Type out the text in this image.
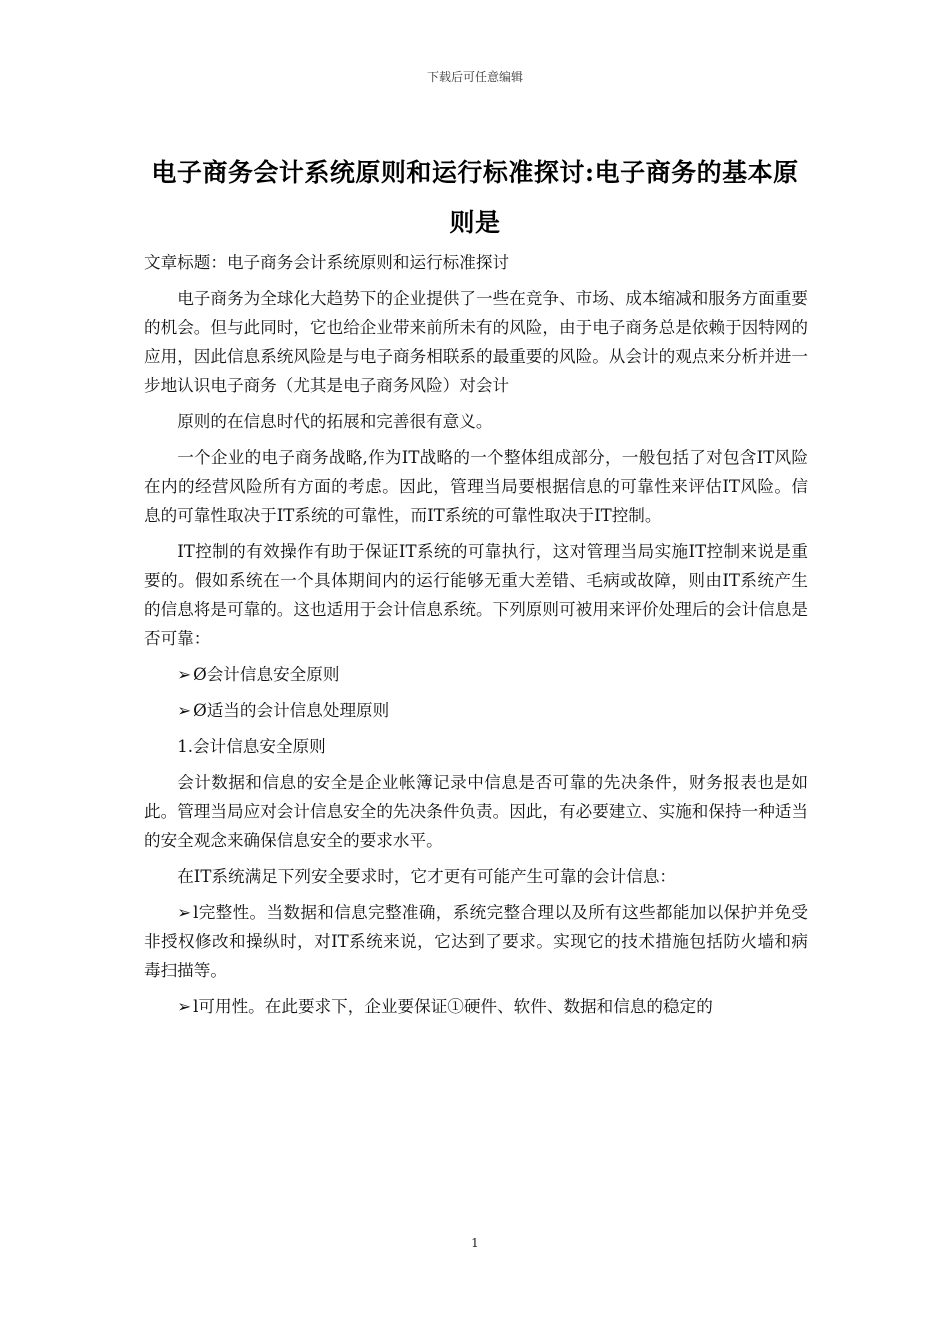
下载后可任意编辑
电子商务会计系统原则和运行标准探讨:电子商务的基本原则是

文章标题：电子商务会计系统原则和运行标准探讨

电子商务为全球化大趋势下的企业提供了一些在竞争、市场、成本缩减和服务方面重要的机会。但与此同时，它也给企业带来前所未有的风险，由于电子商务总是依赖于因特网的应用，因此信息系统风险是与电子商务相联系的最重要的风险。从会计的观点来分析并进一步地认识电子商务（尤其是电子商务风险）对会计

原则的在信息时代的拓展和完善很有意义。

一个企业的电子商务战略,作为IT战略的一个整体组成部分，一般包括了对包含IT风险在内的经营风险所有方面的考虑。因此，管理当局要根据信息的可靠性来评估IT风险。信息的可靠性取决于IT系统的可靠性，而IT系统的可靠性取决于IT控制。

IT控制的有效操作有助于保证IT系统的可靠执行，这对管理当局实施IT控制来说是重要的。假如系统在一个具体期间内的运行能够无重大差错、毛病或故障，则由IT系统产生的信息将是可靠的。这也适用于会计信息系统。下列原则可被用来评价处理后的会计信息是否可靠：

➢ Ø会计信息安全原则

➢ Ø适当的会计信息处理原则

1.会计信息安全原则

会计数据和信息的安全是企业帐簿记录中信息是否可靠的先决条件，财务报表也是如此。管理当局应对会计信息安全的先决条件负责。因此，有必要建立、实施和保持一种适当的安全观念来确保信息安全的要求水平。

在IT系统满足下列安全要求时，它才更有可能产生可靠的会计信息：

➢ l完整性。当数据和信息完整准确，系统完整合理以及所有这些都能加以保护并免受非授权修改和操纵时，对IT系统来说，它达到了要求。实现它的技术措施包括防火墙和病毒扫描等。

➢ l可用性。在此要求下，企业要保证①硬件、软件、数据和信息的稳定的

1
